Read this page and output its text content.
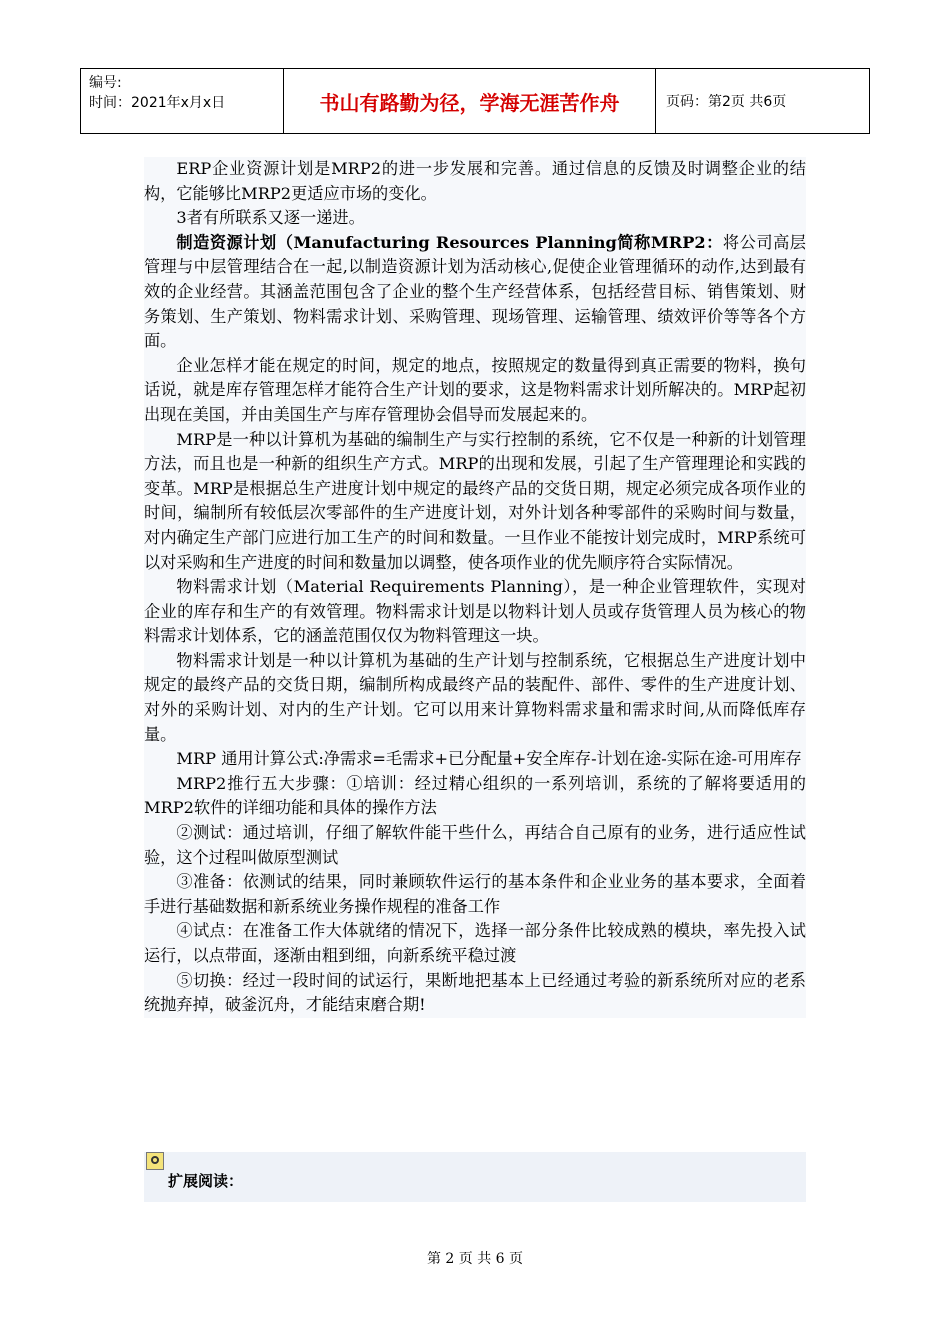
编号:
时间：2021年x月x日	书山有路勤为径，学海无涯苦作舟	页码：第2页 共6页

ERP企业资源计划是MRP2的进一步发展和完善。通过信息的反馈及时调整企业的结构，它能够比MRP2更适应市场的变化。

3者有所联系又逐一递进。

制造资源计划（Manufacturing Resources Planning简称MRP2：将公司高层管理与中层管理结合在一起,以制造资源计划为活动核心,促使企业管理循环的动作,达到最有效的企业经营。其涵盖范围包含了企业的整个生产经营体系，包括经营目标、销售策划、财务策划、生产策划、物料需求计划、采购管理、现场管理、运输管理、绩效评价等等各个方面。

企业怎样才能在规定的时间，规定的地点，按照规定的数量得到真正需要的物料，换句话说，就是库存管理怎样才能符合生产计划的要求，这是物料需求计划所解决的。MRP起初出现在美国，并由美国生产与库存管理协会倡导而发展起来的。

MRP是一种以计算机为基础的编制生产与实行控制的系统，它不仅是一种新的计划管理方法，而且也是一种新的组织生产方式。MRP的出现和发展，引起了生产管理理论和实践的变革。MRP是根据总生产进度计划中规定的最终产品的交货日期，规定必须完成各项作业的时间，编制所有较低层次零部件的生产进度计划，对外计划各种零部件的采购时间与数量，对内确定生产部门应进行加工生产的时间和数量。一旦作业不能按计划完成时，MRP系统可以对采购和生产进度的时间和数量加以调整，使各项作业的优先顺序符合实际情况。

物料需求计划（Material Requirements Planning），是一种企业管理软件，实现对企业的库存和生产的有效管理。物料需求计划是以物料计划人员或存货管理人员为核心的物料需求计划体系，它的涵盖范围仅仅为物料管理这一块。

物料需求计划是一种以计算机为基础的生产计划与控制系统，它根据总生产进度计划中规定的最终产品的交货日期，编制所构成最终产品的装配件、部件、零件的生产进度计划、对外的采购计划、对内的生产计划。它可以用来计算物料需求量和需求时间,从而降低库存量。

MRP 通用计算公式:净需求=毛需求+已分配量+安全库存-计划在途-实际在途-可用库存

MRP2推行五大步骤：①培训：经过精心组织的一系列培训，系统的了解将要适用的MRP2软件的详细功能和具体的操作方法

②测试：通过培训，仔细了解软件能干些什么，再结合自己原有的业务，进行适应性试验，这个过程叫做原型测试

③准备：依测试的结果，同时兼顾软件运行的基本条件和企业业务的基本要求，全面着手进行基础数据和新系统业务操作规程的准备工作

④试点：在准备工作大体就绪的情况下，选择一部分条件比较成熟的模块，率先投入试运行，以点带面，逐渐由粗到细，向新系统平稳过渡

⑤切换：经过一段时间的试运行，果断地把基本上已经通过考验的新系统所对应的老系统抛弃掉，破釜沉舟，才能结束磨合期!

扩展阅读：
第 2 页 共 6 页
